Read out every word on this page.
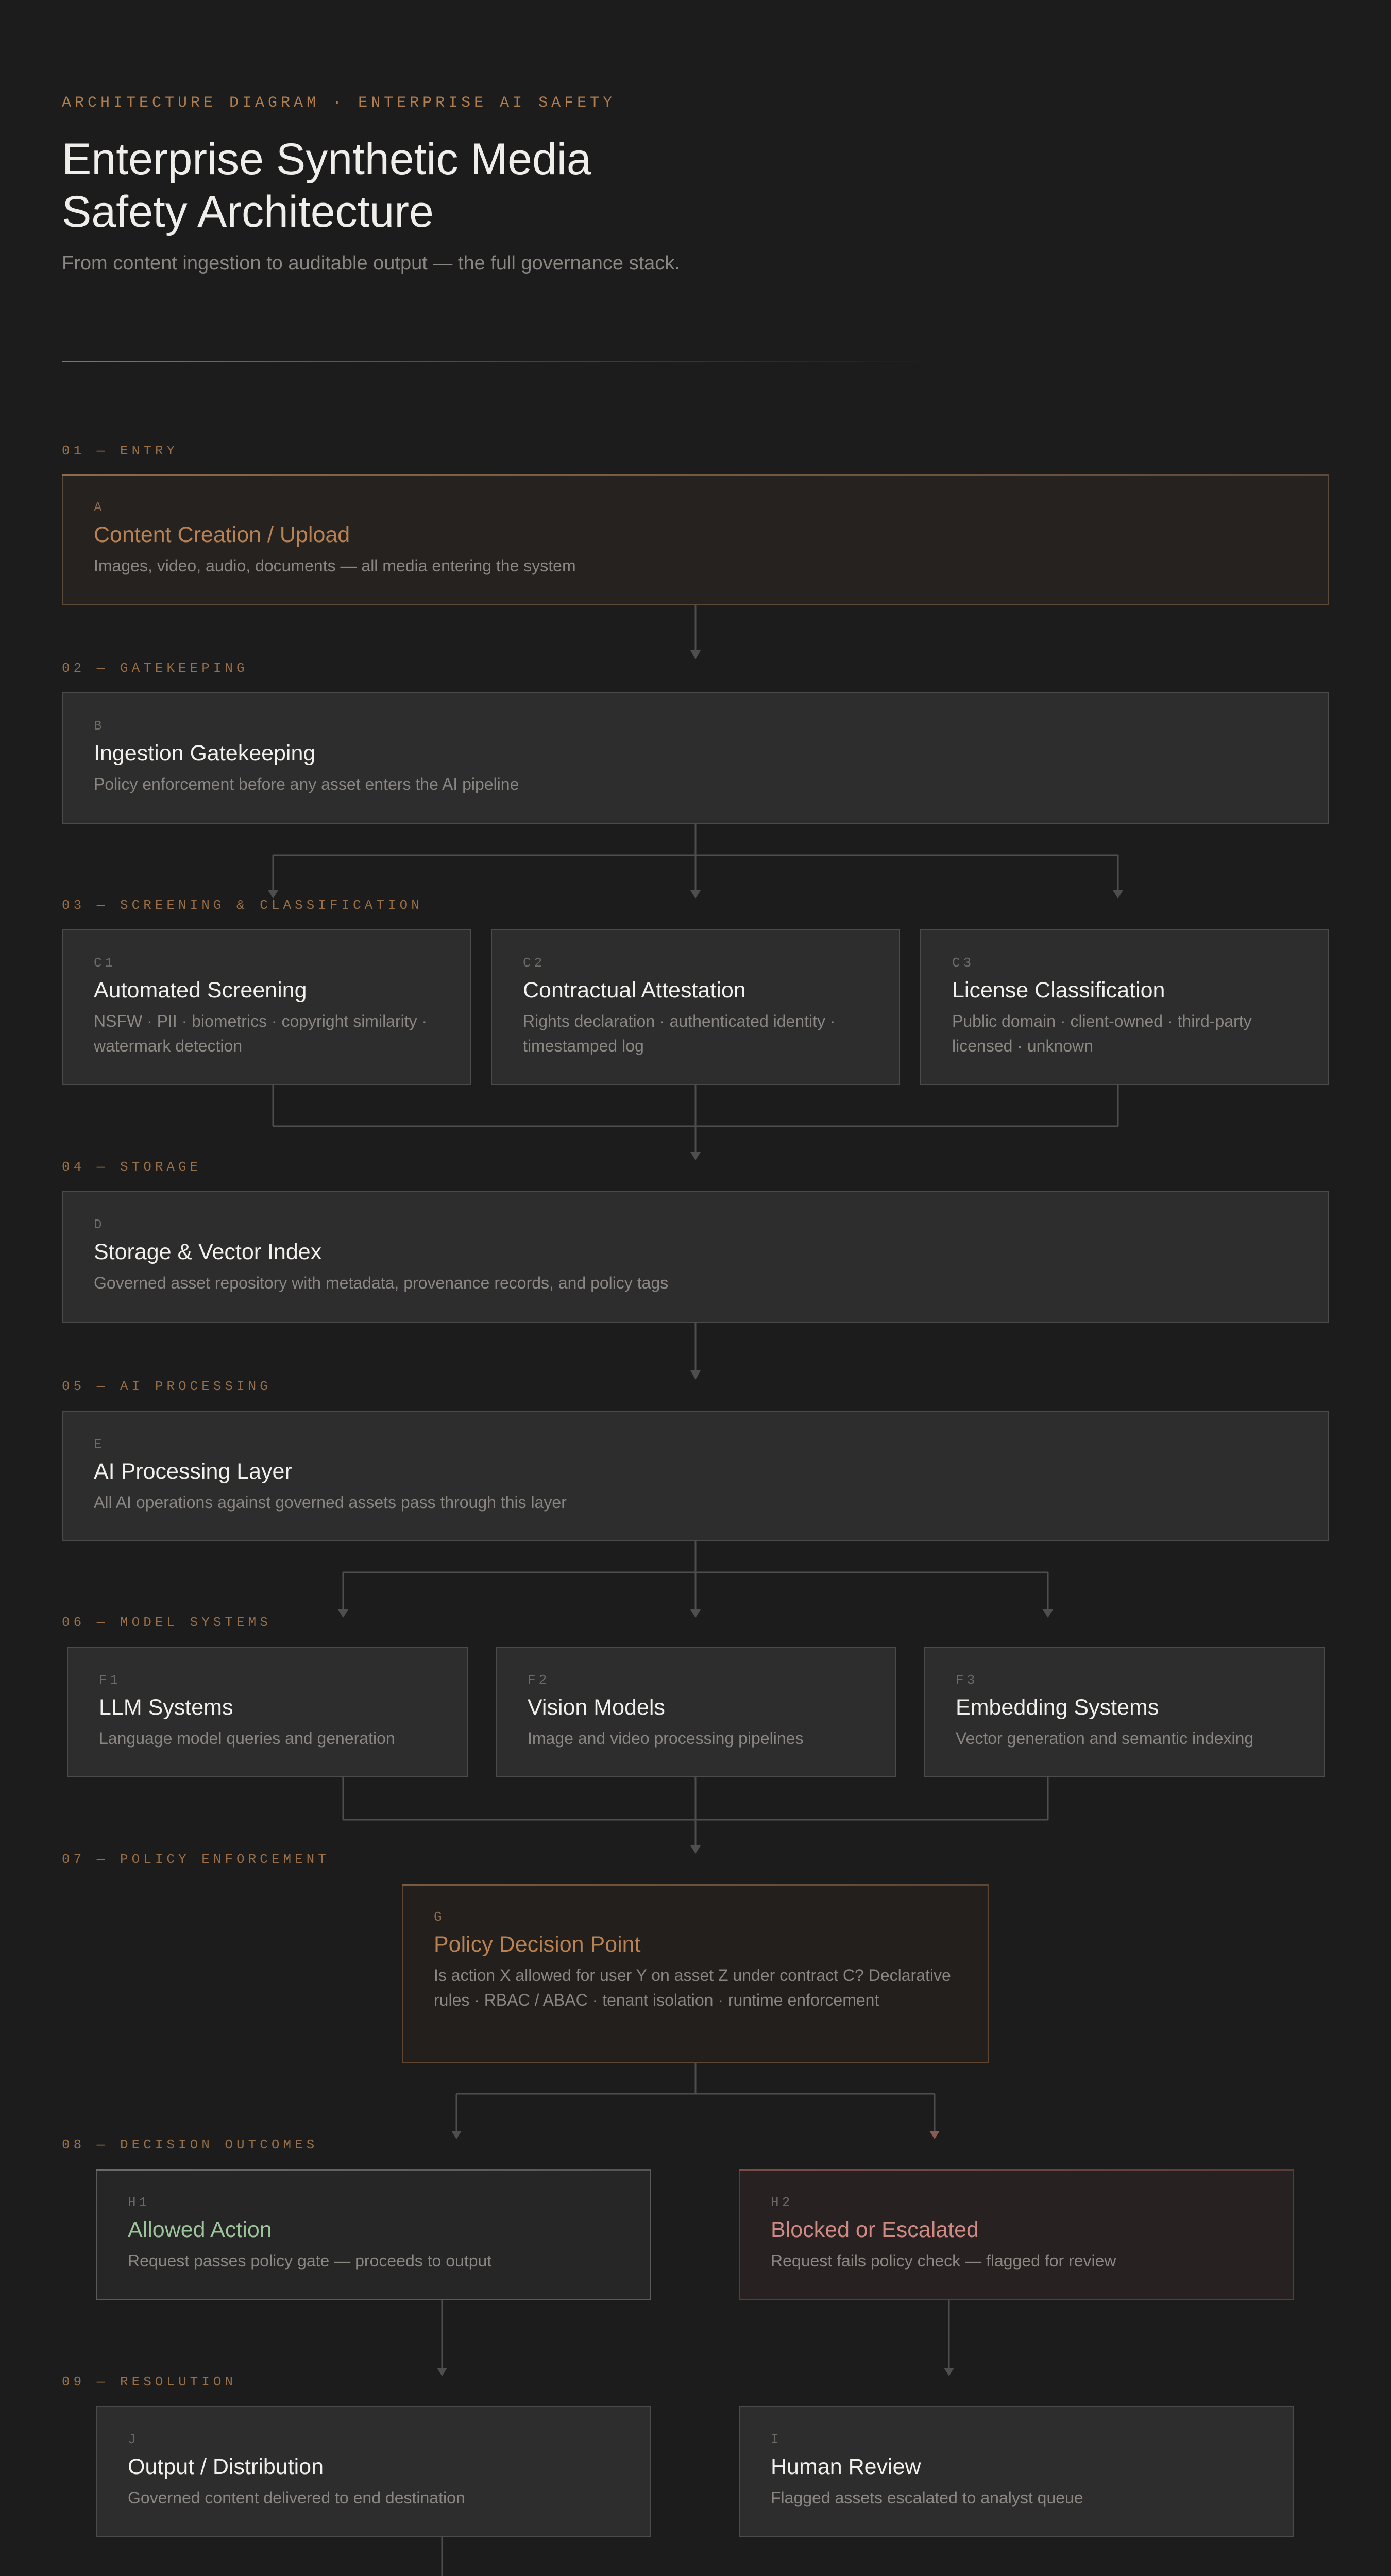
ARCHITECTURE DIAGRAM · ENTERPRISE AI SAFETY
Enterprise Synthetic Media
Safety Architecture
From content ingestion to auditable output — the full governance stack.
01 — ENTRY
A
Content Creation / Upload
Images, video, audio, documents — all media entering the system
02 — GATEKEEPING
B
Ingestion Gatekeeping
Policy enforcement before any asset enters the AI pipeline
03 — SCREENING & CLASSIFICATION
C1
Automated Screening
NSFW · PII · biometrics · copyright similarity · watermark detection
C2
Contractual Attestation
Rights declaration · authenticated identity · timestamped log
C3
License Classification
Public domain · client-owned · third-party licensed · unknown
04 — STORAGE
D
Storage & Vector Index
Governed asset repository with metadata, provenance records, and policy tags
05 — AI PROCESSING
E
AI Processing Layer
All AI operations against governed assets pass through this layer
06 — MODEL SYSTEMS
F1
LLM Systems
Language model queries and generation
F2
Vision Models
Image and video processing pipelines
F3
Embedding Systems
Vector generation and semantic indexing
07 — POLICY ENFORCEMENT
G
Policy Decision Point
Is action X allowed for user Y on asset Z under contract C? Declarative rules · RBAC / ABAC · tenant isolation · runtime enforcement
08 — DECISION OUTCOMES
H1
Allowed Action
Request passes policy gate — proceeds to output
H2
Blocked or Escalated
Request fails policy check — flagged for review
09 — RESOLUTION
J
Output / Distribution
Governed content delivered to end destination
I
Human Review
Flagged assets escalated to analyst queue
